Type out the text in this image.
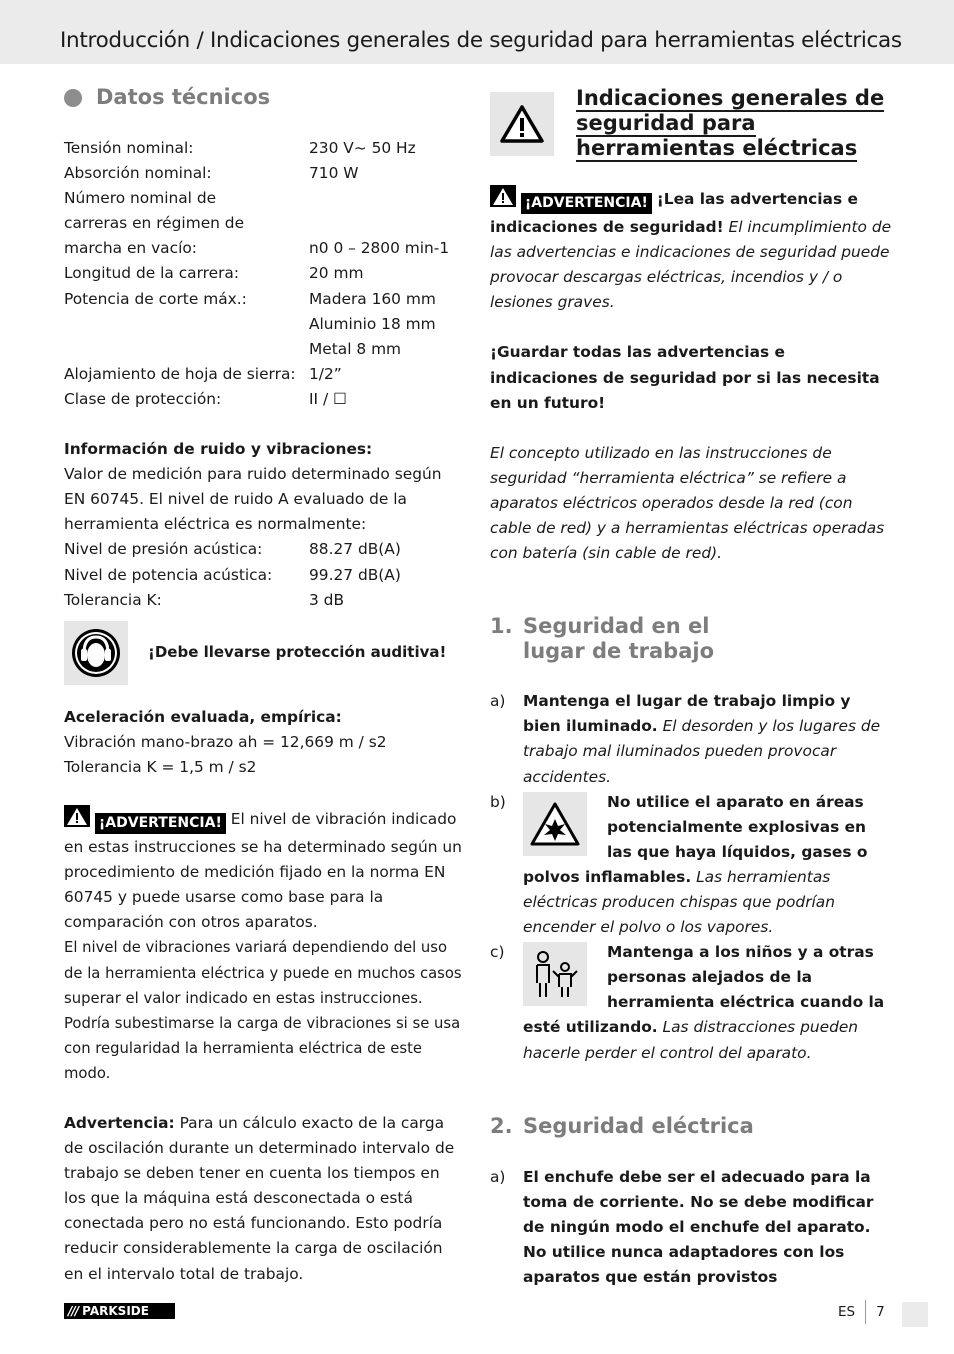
Introducción / Indicaciones generales de seguridad para herramientas eléctricas
Datos técnicos
Tensión nominal:	230 V~ 50 Hz
Absorción nominal:	710 W
Número nominal de
carreras en régimen de
marcha en vacío:	n0 0 – 2800 min-1
Longitud de la carrera:	20 mm
Potencia de corte máx.:	Madera 160 mm
Aluminio 18 mm
Metal 8 mm
Alojamiento de hoja de sierra: 1/2”
Clase de protección:	II / ☐

Información de ruido y vibraciones:

Valor de medición para ruido determinado según EN 60745. El nivel de ruido A evaluado de la herramienta eléctrica es normalmente:

Nivel de presión acústica:	88.27 dB(A)
Nivel de potencia acústica:	99.27 dB(A)
Tolerancia K:	3 dB
¡Debe llevarse protección auditiva!

Aceleración evaluada, empírica:

Vibración mano-brazo ah = 12,669 m / s2

Tolerancia K = 1,5 m / s2

¡ADVERTENCIA! El nivel de vibración indicado en estas instrucciones se ha determinado según un procedimiento de medición fijado en la norma EN 60745 y puede usarse como base para la comparación con otros aparatos.

El nivel de vibraciones variará dependiendo del uso de la herramienta eléctrica y puede en muchos casos superar el valor indicado en estas instrucciones. Podría subestimarse la carga de vibraciones si se usa con regularidad la herramienta eléctrica de este modo.

Advertencia: Para un cálculo exacto de la carga de oscilación durante un determinado intervalo de trabajo se deben tener en cuenta los tiempos en los que la máquina está desconectada o está conectada pero no está funcionando. Esto podría reducir considerablemente la carga de oscilación en el intervalo total de trabajo.

Indicaciones generales de seguridad para herramientas eléctricas

¡ADVERTENCIA! ¡Lea las advertencias e indicaciones de seguridad! El incumplimiento de las advertencias e indicaciones de seguridad puede provocar descargas eléctricas, incendios y / o lesiones graves.

¡Guardar todas las advertencias e indicaciones de seguridad por si las necesita en un futuro!

El concepto utilizado en las instrucciones de seguridad “herramienta eléctrica” se refiere a aparatos eléctricos operados desde la red (con cable de red) y a herramientas eléctricas operadas con batería (sin cable de red).

1. Seguridad en el lugar de trabajo
a)	Mantenga el lugar de trabajo limpio y bien iluminado. El desorden y los lugares de trabajo mal iluminados pueden provocar accidentes.
b)	No utilice el aparato en áreas potencialmente explosivas en las que haya líquidos, gases o polvos inflamables. Las herramientas eléctricas producen chispas que podrían encender el polvo o los vapores.
c)	Mantenga a los niños y a otras personas alejados de la herramienta eléctrica cuando la esté utilizando. Las distracciones pueden hacerle perder el control del aparato.
2. Seguridad eléctrica
a)	El enchufe debe ser el adecuado para la toma de corriente. No se debe modificar de ningún modo el enchufe del aparato. No utilice nunca adaptadores con los aparatos que están provistos
/// PARKSIDE	ES 7
